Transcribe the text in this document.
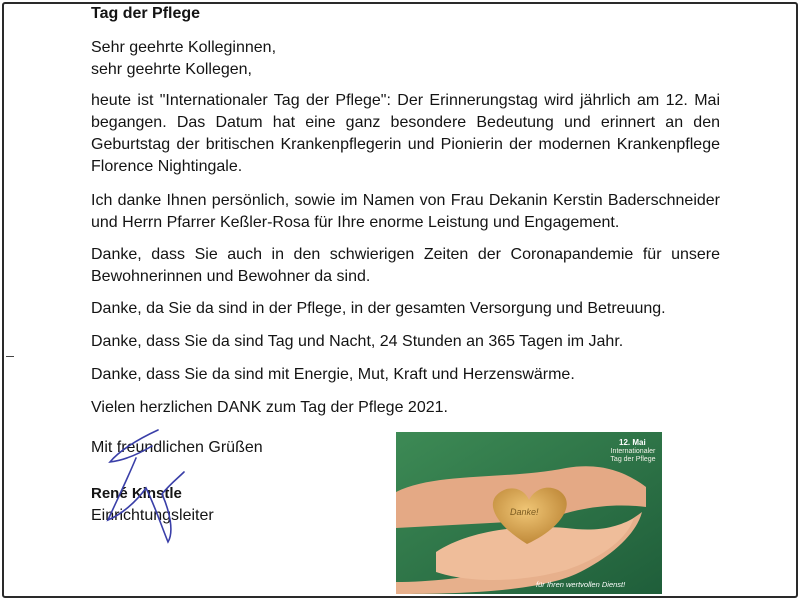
Tag der Pflege
Sehr geehrte Kolleginnen,
sehr geehrte Kollegen,

heute ist "Internationaler Tag der Pflege": Der Erinnerungstag wird jährlich am 12. Mai begangen. Das Datum hat eine ganz besondere Bedeutung und erinnert an den Geburtstag der britischen Krankenpflegerin und Pionierin der modernen Krankenpflege Florence Nightingale.

Ich danke Ihnen persönlich, sowie im Namen von Frau Dekanin Kerstin Baderschneider und Herrn Pfarrer Keßler-Rosa für Ihre enorme Leistung und Engagement.

Danke, dass Sie auch in den schwierigen Zeiten der Coronapandemie für unsere Bewohnerinnen und Bewohner da sind.

Danke, da Sie da sind in der Pflege, in der gesamten Versorgung und Betreuung.

Danke, dass Sie da sind Tag und Nacht, 24 Stunden an 365 Tagen im Jahr.

Danke, dass Sie da sind mit Energie, Mut, Kraft und Herzenswärme.

Vielen herzlichen DANK zum Tag der Pflege 2021.

Mit freundlichen Grüßen
René Kinstle
Einrichtungsleiter
12. Mai
Internationaler
Tag der Pflege
Danke!
für Ihren wertvollen Dienst!
